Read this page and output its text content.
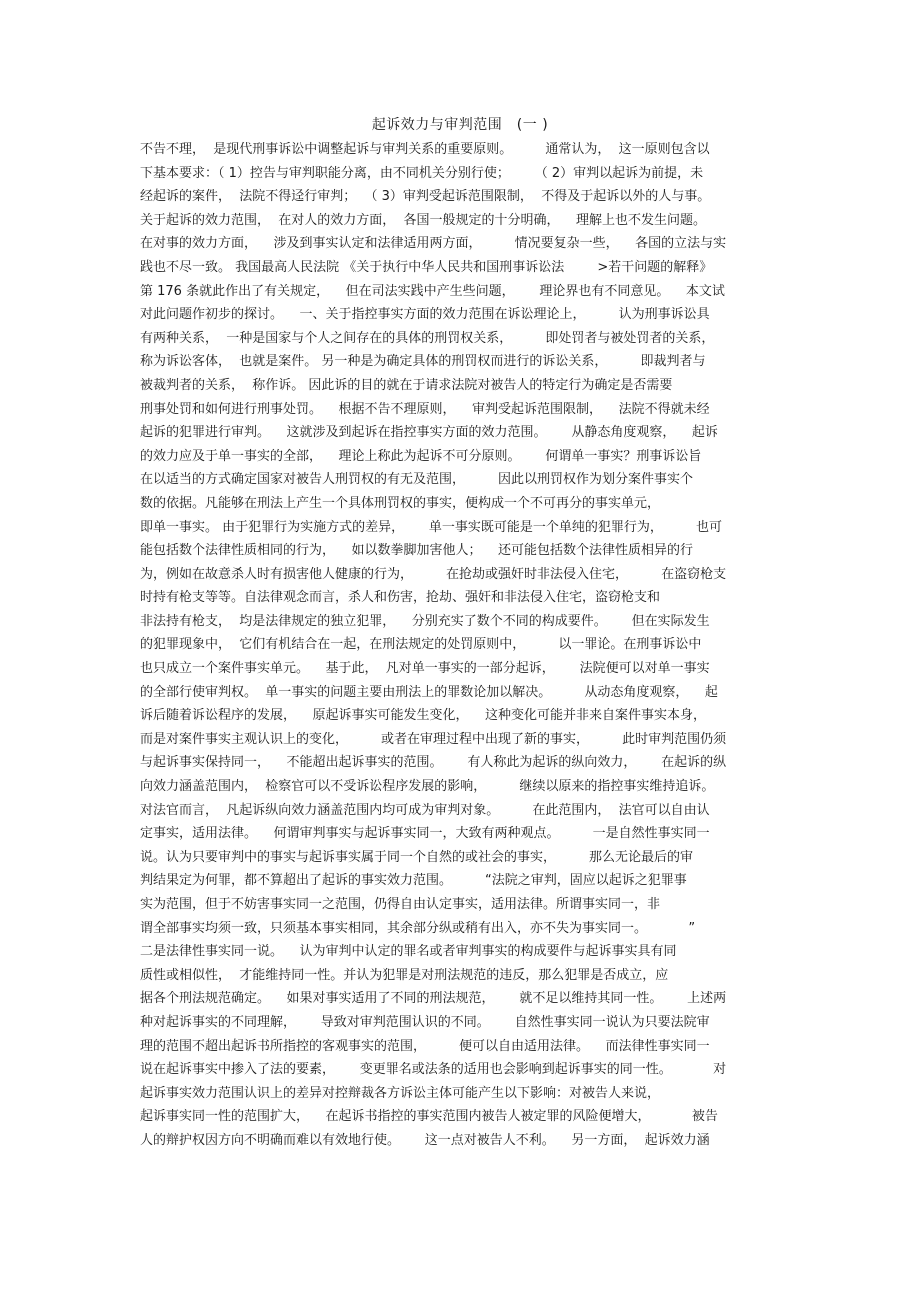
起诉效力与审判范围　(一 )
不告不理，  是现代刑事诉讼中调整起诉与审判关系的重要原则。        通常认为，  这一原则包含以
下基本要求：（ 1）控告与审判职能分离，由不同机关分别行使；      （ 2）审判以起诉为前提，未
经起诉的案件，  法院不得迳行审判；  （ 3）审判受起诉范围限制，  不得及于起诉以外的人与事。
关于起诉的效力范围，  在对人的效力方面，  各国一般规定的十分明确，    理解上也不发生问题。
在对事的效力方面，    涉及到事实认定和法律适用两方面，        情况要复杂一些，    各国的立法与实
践也不尽一致。 我国最高人民法院 《关于执行中华人民共和国刑事诉讼法        >若干问题的解释》
第 176 条就此作出了有关规定，    但在司法实践中产生些问题，      理论界也有不同意见。    本文试
对此问题作初步的探讨。    一、关于指控事实方面的效力范围在诉讼理论上，        认为刑事诉讼具
有两种关系，  一种是国家与个人之间存在的具体的刑罚权关系，        即处罚者与被处罚者的关系，
称为诉讼客体，  也就是案件。 另一种是为确定具体的刑罚权而进行的诉讼关系，        即裁判者与
被裁判者的关系，  称作诉。 因此诉的目的就在于请求法院对被告人的特定行为确定是否需要
刑事处罚和如何进行刑事处罚。    根据不告不理原则，    审判受起诉范围限制，    法院不得就未经
起诉的犯罪进行审判。    这就涉及到起诉在指控事实方面的效力范围。      从静态角度观察，    起诉
的效力应及于单一事实的全部，    理论上称此为起诉不可分原则。      何谓单一事实？刑事诉讼旨
在以适当的方式确定国家对被告人刑罚权的有无及范围，        因此以刑罚权作为划分案件事实个
数的依据。凡能够在刑法上产生一个具体刑罚权的事实，便构成一个不可再分的事实单元，
即单一事实。 由于犯罪行为实施方式的差异，      单一事实既可能是一个单纯的犯罪行为，        也可
能包括数个法律性质相同的行为，    如以数拳脚加害他人；    还可能包括数个法律性质相异的行
为，例如在故意杀人时有损害他人健康的行为，        在抢劫或强奸时非法侵入住宅，        在盗窃枪支
时持有枪支等等。自法律观念而言，杀人和伤害，抢劫、强奸和非法侵入住宅，盗窃枪支和
非法持有枪支，  均是法律规定的独立犯罪，    分别充实了数个不同的构成要件。      但在实际发生
的犯罪现象中，  它们有机结合在一起，在刑法规定的处罚原则中，        以一罪论。在刑事诉讼中
也只成立一个案件事实单元。    基于此，  凡对单一事实的一部分起诉，      法院便可以对单一事实
的全部行使审判权。  单一事实的问题主要由刑法上的罪数论加以解决。        从动态角度观察，    起
诉后随着诉讼程序的发展，    原起诉事实可能发生变化，    这种变化可能并非来自案件事实本身，
而是对案件事实主观认识上的变化，        或者在审理过程中出现了新的事实，        此时审判范围仍须
与起诉事实保持同一，    不能超出起诉事实的范围。      有人称此为起诉的纵向效力，      在起诉的纵
向效力涵盖范围内，  检察官可以不受诉讼程序发展的影响，        继续以原来的指控事实维持追诉。
对法官而言，  凡起诉纵向效力涵盖范围内均可成为审判对象。        在此范围内，  法官可以自由认
定事实，适用法律。    何谓审判事实与起诉事实同一，大致有两种观点。        一是自然性事实同一
说。认为只要审判中的事实与起诉事实属于同一个自然的或社会的事实，        那么无论最后的审
判结果定为何罪，都不算超出了起诉的事实效力范围。        “法院之审判，固应以起诉之犯罪事
实为范围，但于不妨害事实同一之范围，仍得自由认定事实，适用法律。所谓事实同一，非
谓全部事实均须一致，只须基本事实相同，其余部分纵或稍有出入，亦不失为事实同一。          ”
二是法律性事实同一说。    认为审判中认定的罪名或者审判事实的构成要件与起诉事实具有同
质性或相似性，  才能维持同一性。并认为犯罪是对刑法规范的违反，那么犯罪是否成立，应
据各个刑法规范确定。    如果对事实适用了不同的刑法规范，      就不足以维持其同一性。      上述两
种对起诉事实的不同理解，      导致对审判范围认识的不同。      自然性事实同一说认为只要法院审
理的范围不超出起诉书所指控的客观事实的范围，        便可以自由适用法律。    而法律性事实同一
说在起诉事实中掺入了法的要素，      变更罪名或法条的适用也会影响到起诉事实的同一性。          对
起诉事实效力范围认识上的差异对控辩裁各方诉讼主体可能产生以下影响：对被告人来说，
起诉事实同一性的范围扩大，    在起诉书指控的事实范围内被告人被定罪的风险便增大，          被告
人的辩护权因方向不明确而难以有效地行使。      这一点对被告人不利。    另一方面，  起诉效力涵
